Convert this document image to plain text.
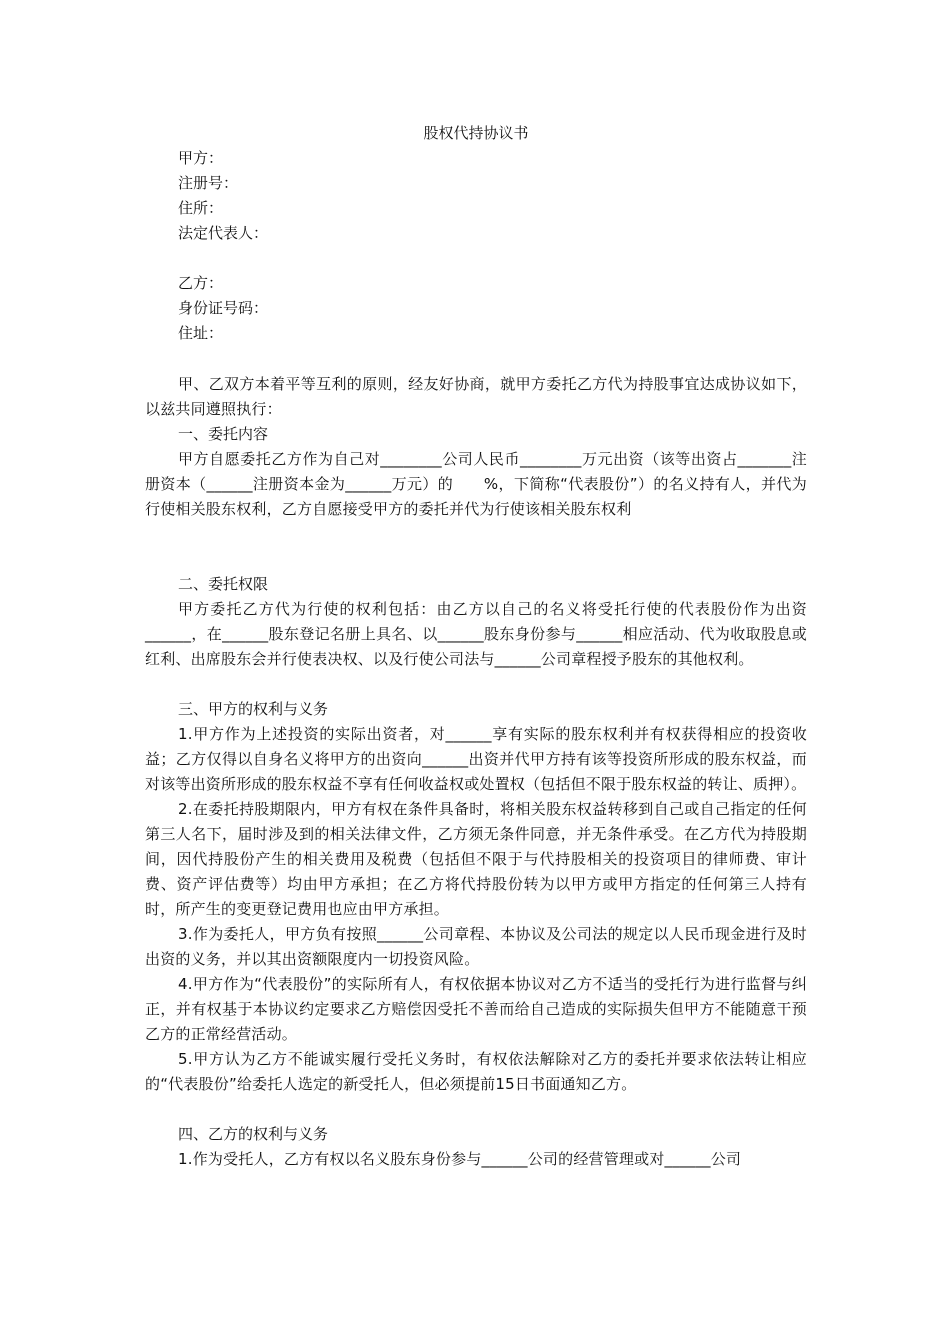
股权代持协议书

甲方：

注册号：

住所：

法定代表人：

乙方：

身份证号码：

住址：

甲、乙双方本着平等互利的原则，经友好协商，就甲方委托乙方代为持股事宜达成协议如下，以兹共同遵照执行：

一、委托内容

甲方自愿委托乙方作为自己对________公司人民币________万元出资（该等出资占_______注册资本（______注册资本金为______万元）的　　%，下简称“代表股份”）的名义持有人，并代为行使相关股东权利，乙方自愿接受甲方的委托并代为行使该相关股东权利

二、委托权限

甲方委托乙方代为行使的权利包括：由乙方以自己的名义将受托行使的代表股份作为出资______，在______股东登记名册上具名、以______股东身份参与______相应活动、代为收取股息或红利、出席股东会并行使表决权、以及行使公司法与______公司章程授予股东的其他权利。

三、甲方的权利与义务

1.甲方作为上述投资的实际出资者，对______享有实际的股东权利并有权获得相应的投资收益；乙方仅得以自身名义将甲方的出资向______出资并代甲方持有该等投资所形成的股东权益，而对该等出资所形成的股东权益不享有任何收益权或处置权（包括但不限于股东权益的转让、质押）。

2.在委托持股期限内，甲方有权在条件具备时，将相关股东权益转移到自己或自己指定的任何第三人名下，届时涉及到的相关法律文件，乙方须无条件同意，并无条件承受。在乙方代为持股期间，因代持股份产生的相关费用及税费（包括但不限于与代持股相关的投资项目的律师费、审计费、资产评估费等）均由甲方承担；在乙方将代持股份转为以甲方或甲方指定的任何第三人持有时，所产生的变更登记费用也应由甲方承担。

3.作为委托人，甲方负有按照______公司章程、本协议及公司法的规定以人民币现金进行及时出资的义务，并以其出资额限度内一切投资风险。

4.甲方作为“代表股份”的实际所有人，有权依据本协议对乙方不适当的受托行为进行监督与纠正，并有权基于本协议约定要求乙方赔偿因受托不善而给自己造成的实际损失但甲方不能随意干预乙方的正常经营活动。

5.甲方认为乙方不能诚实履行受托义务时，有权依法解除对乙方的委托并要求依法转让相应的“代表股份”给委托人选定的新受托人，但必须提前15日书面通知乙方。

四、乙方的权利与义务

1.作为受托人，乙方有权以名义股东身份参与______公司的经营管理或对______公司
